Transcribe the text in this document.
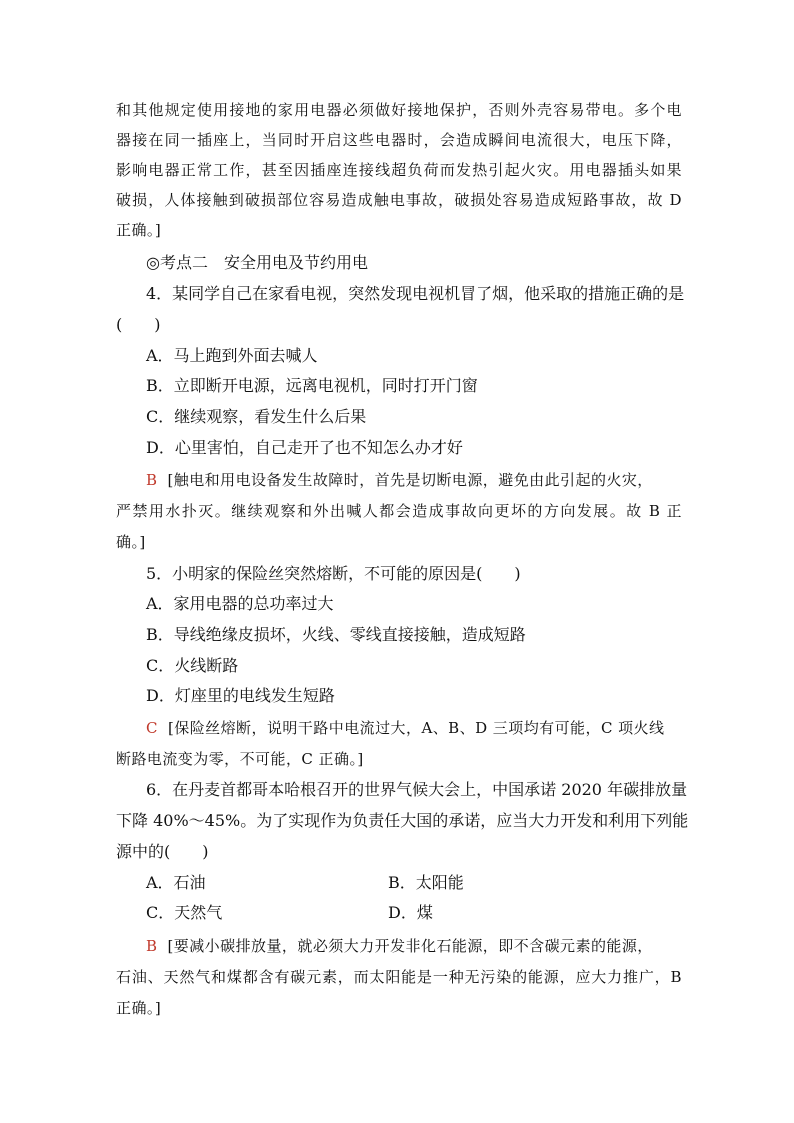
和其他规定使用接地的家用电器必须做好接地保护，否则外壳容易带电。多个电
器接在同一插座上，当同时开启这些电器时，会造成瞬间电流很大，电压下降，
影响电器正常工作，甚至因插座连接线超负荷而发热引起火灾。用电器插头如果
破损，人体接触到破损部位容易造成触电事故，破损处容易造成短路事故，故 D
正确。]
◎考点二　安全用电及节约用电
4．某同学自己在家看电视，突然发现电视机冒了烟，他采取的措施正确的是
(　　)
A．马上跑到外面去喊人
B．立即断开电源，远离电视机，同时打开门窗
C．继续观察，看发生什么后果
D．心里害怕，自己走开了也不知怎么办才好
B [触电和用电设备发生故障时，首先是切断电源，避免由此引起的火灾，
严禁用水扑灭。继续观察和外出喊人都会造成事故向更坏的方向发展。故 B 正
确。]
5．小明家的保险丝突然熔断，不可能的原因是(　　)
A．家用电器的总功率过大
B．导线绝缘皮损坏，火线、零线直接接触，造成短路
C．火线断路
D．灯座里的电线发生短路
C [保险丝熔断，说明干路中电流过大，A、B、D 三项均有可能，C 项火线
断路电流变为零，不可能，C 正确。]
6．在丹麦首都哥本哈根召开的世界气候大会上，中国承诺 2020 年碳排放量
下降 40%～45%。为了实现作为负责任大国的承诺，应当大力开发和利用下列能
源中的(　　)
A．石油	B．太阳能
C．天然气	D．煤
B [要减小碳排放量，就必须大力开发非化石能源，即不含碳元素的能源，
石油、天然气和煤都含有碳元素，而太阳能是一种无污染的能源，应大力推广，B
正确。]
